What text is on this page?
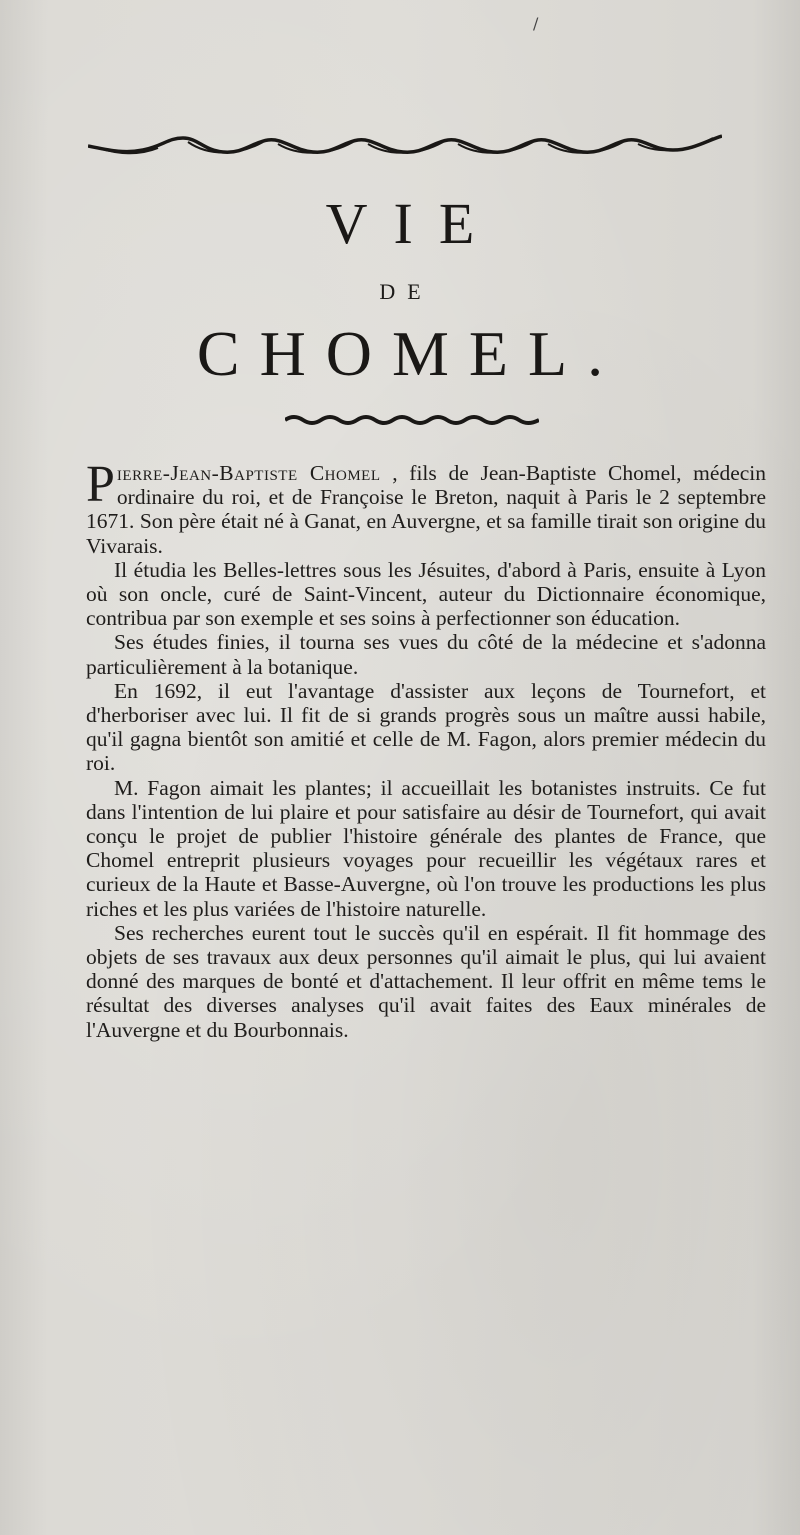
/
VIE
DE
CHOMEL.

Pierre-Jean-Baptiste Chomel , fils de Jean-Baptiste Chomel, médecin ordinaire du roi, et de Françoise le Breton, naquit à Paris le 2 septembre 1671. Son père était né à Ganat, en Auvergne, et sa famille tirait son origine du Vivarais.

Il étudia les Belles-lettres sous les Jésuites, d'abord à Paris, ensuite à Lyon où son oncle, curé de Saint-Vincent, auteur du Dictionnaire économique, contribua par son exemple et ses soins à perfectionner son éducation.

Ses études finies, il tourna ses vues du côté de la médecine et s'adonna particulièrement à la botanique.

En 1692, il eut l'avantage d'assister aux leçons de Tournefort, et d'herboriser avec lui. Il fit de si grands progrès sous un maître aussi habile, qu'il gagna bientôt son amitié et celle de M. Fagon, alors premier médecin du roi.

M. Fagon aimait les plantes; il accueillait les botanistes instruits. Ce fut dans l'intention de lui plaire et pour satisfaire au désir de Tournefort, qui avait conçu le projet de publier l'histoire générale des plantes de France, que Chomel entreprit plusieurs voyages pour recueillir les végétaux rares et curieux de la Haute et Basse-Auvergne, où l'on trouve les productions les plus riches et les plus variées de l'histoire naturelle.

Ses recherches eurent tout le succès qu'il en espérait. Il fit hommage des objets de ses travaux aux deux personnes qu'il aimait le plus, qui lui avaient donné des marques de bonté et d'attachement. Il leur offrit en même tems le résultat des diverses analyses qu'il avait faites des Eaux minérales de l'Auvergne et du Bourbonnais.
